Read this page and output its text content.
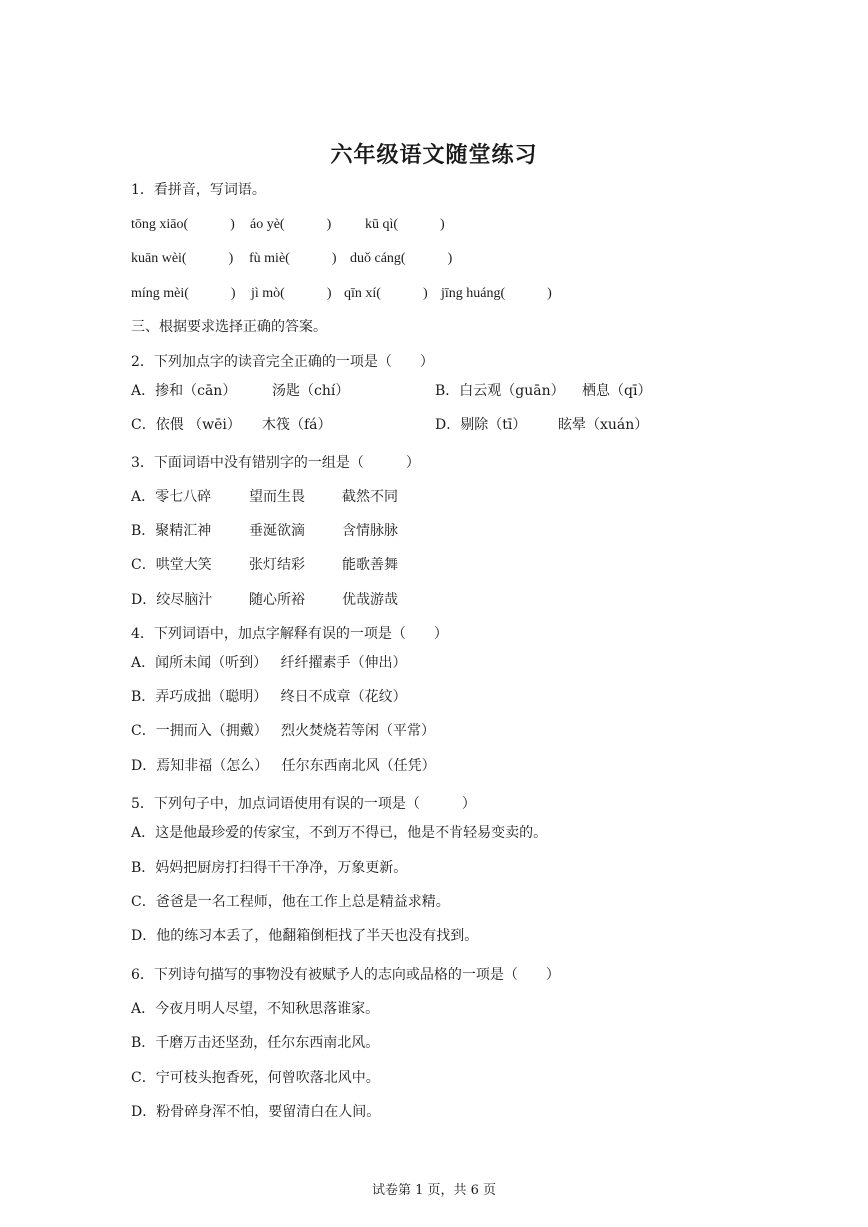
六年级语文随堂练习
1．看拼音，写词语。
tōng xiāo(　　　) áo yè(　　　) kū qì(　　　)
kuān wèi(　　　) fù miè(　　　) duǒ cáng(　　　)
míng mèi(　　　) jì mò(　　　) qīn xí(　　　) jīng huáng(　　　)
三、根据要求选择正确的答案。
2．下列加点字的读音完全正确的一项是（　　）
A．掺和（cān）	汤匙（chí）	B．白云观（guān） 栖息（qī）
C．依偎 （wēi） 木筏（fá）	D．剔除（tī） 眩晕（xuán）
3．下面词语中没有错别字的一组是（　　　）
A．零七八碎	望而生畏	截然不同
B．聚精汇神	垂涎欲滴	含情脉脉
C．哄堂大笑	张灯结彩	能歌善舞
D．绞尽脑汁	随心所裕	优哉游哉
4．下列词语中，加点字解释有误的一项是（　　）
A．闻所未闻（听到）   纤纤擢素手（伸出）
B．弄巧成拙（聪明）   终日不成章（花纹）
C．一拥而入（拥戴）   烈火焚烧若等闲（平常）
D．焉知非福（怎么）   任尔东西南北风（任凭）
5．下列句子中，加点词语使用有误的一项是（　　　）
A．这是他最珍爱的传家宝，不到万不得已，他是不肯轻易变卖的。
B．妈妈把厨房打扫得干干净净，万象更新。
C．爸爸是一名工程师，他在工作上总是精益求精。
D．他的练习本丢了，他翻箱倒柜找了半天也没有找到。
6．下列诗句描写的事物没有被赋予人的志向或品格的一项是（　　）
A．今夜月明人尽望，不知秋思落谁家。
B．千磨万击还坚劲，任尔东西南北风。
C．宁可枝头抱香死，何曾吹落北风中。
D．粉骨碎身浑不怕，要留清白在人间。
试卷第 1 页，共 6 页
